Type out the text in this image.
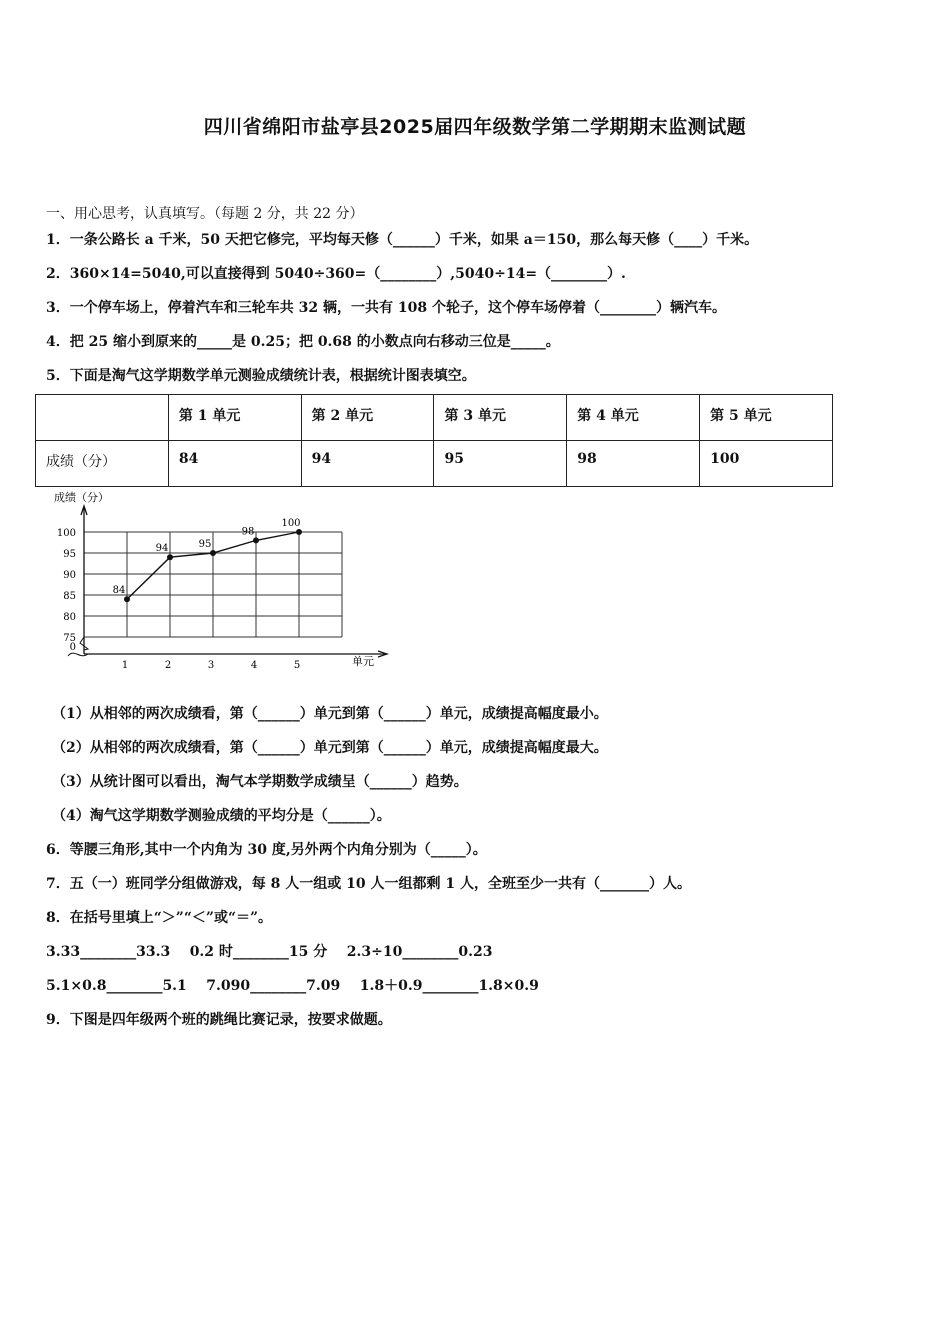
四川省绵阳市盐亭县2025届四年级数学第二学期期末监测试题
一、用心思考，认真填写。（每题 2 分，共 22 分）
1．一条公路长 a 千米，50 天把它修完，平均每天修（______）千米，如果 a＝150，那么每天修（____）千米。
2．360×14=5040,可以直接得到 5040÷360=（________）,5040÷14=（________）.
3．一个停车场上，停着汽车和三轮车共 32 辆，一共有 108 个轮子，这个停车场停着（________）辆汽车。
4．把 25 缩小到原来的_____是 0.25；把 0.68 的小数点向右移动三位是_____。
5．下面是淘气这学期数学单元测验成绩统计表，根据统计图表填空。
	第 1 单元	第 2 单元	第 3 单元	第 4 单元	第 5 单元
成绩（分）	84	94	95	98	100
成绩（分）
单元
100
95
90
85
80
75
0
1	2	3	4	5
84
94	95
98
100
（1）从相邻的两次成绩看，第（______）单元到第（______）单元，成绩提高幅度最小。
（2）从相邻的两次成绩看，第（______）单元到第（______）单元，成绩提高幅度最大。
（3）从统计图可以看出，淘气本学期数学成绩呈（______）趋势。
（4）淘气这学期数学测验成绩的平均分是（______）。
6．等腰三角形,其中一个内角为 30 度,另外两个内角分别为（_____）。
7．五（一）班同学分组做游戏，每 8 人一组或 10 人一组都剩 1 人，全班至少一共有（_______）人。
8．在括号里填上“＞”“＜”或“＝”。
3.33________33.3    0.2 时________15 分    2.3÷10________0.23
5.1×0.8________5.1    7.090________7.09    1.8＋0.9________1.8×0.9
9．下图是四年级两个班的跳绳比赛记录，按要求做题。
